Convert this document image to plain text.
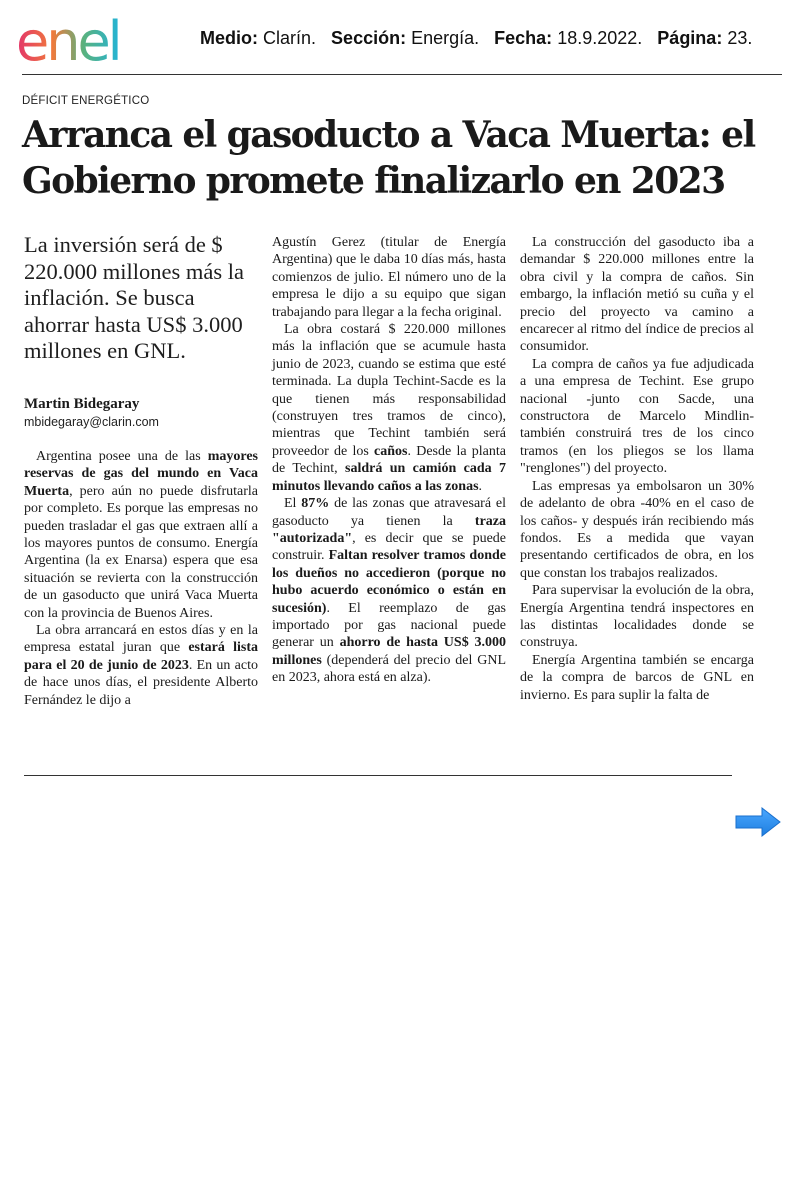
enel	Medio: Clarín. Sección: Energía. Fecha: 18.9.2022. Página: 23.
DÉFICIT ENERGÉTICO
Arranca el gasoducto a Vaca Muerta: el Gobierno promete finalizarlo en 2023

La inversión será de $ 220.000 millones más la inflación. Se busca ahorrar hasta US$ 3.000 millones en GNL.

Martin Bidegaray
mbidegaray@clarin.com

Argentina posee una de las mayores reservas de gas del mundo en Vaca Muerta, pero aún no puede disfrutarla por completo. Es porque las empresas no pueden trasladar el gas que extraen allí a los mayores puntos de consumo. Energía Argentina (la ex Enarsa) espera que esa situación se revierta con la construcción de un gasoducto que unirá Vaca Muerta con la provincia de Buenos Aires.

La obra arrancará en estos días y en la empresa estatal juran que estará lista para el 20 de junio de 2023. En un acto de hace unos días, el presidente Alberto Fernández le dijo a

Agustín Gerez (titular de Energía Argentina) que le daba 10 días más, hasta comienzos de julio. El número uno de la empresa le dijo a su equipo que sigan trabajando para llegar a la fecha original.

La obra costará $ 220.000 millones más la inflación que se acumule hasta junio de 2023, cuando se estima que esté terminada. La dupla Techint-Sacde es la que tienen más responsabilidad (construyen tres tramos de cinco), mientras que Techint también será proveedor de los caños. Desde la planta de Techint, saldrá un camión cada 7 minutos llevando caños a las zonas.

El 87% de las zonas que atravesará el gasoducto ya tienen la traza "autorizada", es decir que se puede construir. Faltan resolver tramos donde los dueños no accedieron (porque no hubo acuerdo económico o están en sucesión). El reemplazo de gas importado por gas nacional puede generar un ahorro de hasta US$ 3.000 millones (dependerá del precio del GNL en 2023, ahora está en alza).

La construcción del gasoducto iba a demandar $ 220.000 millones entre la obra civil y la compra de caños. Sin embargo, la inflación metió su cuña y el precio del proyecto va camino a encarecer al ritmo del índice de precios al consumidor.

La compra de caños ya fue adjudicada a una empresa de Techint. Ese grupo nacional -junto con Sacde, una constructora de Marcelo Mindlin- también construirá tres de los cinco tramos (en los pliegos se los llama "renglones") del proyecto.

Las empresas ya embolsaron un 30% de adelanto de obra -40% en el caso de los caños- y después irán recibiendo más fondos. Es a medida que vayan presentando certificados de obra, en los que constan los trabajos realizados.

Para supervisar la evolución de la obra, Energía Argentina tendrá inspectores en las distintas localidades donde se construya.

Energía Argentina también se encarga de la compra de barcos de GNL en invierno. Es para suplir la falta de
